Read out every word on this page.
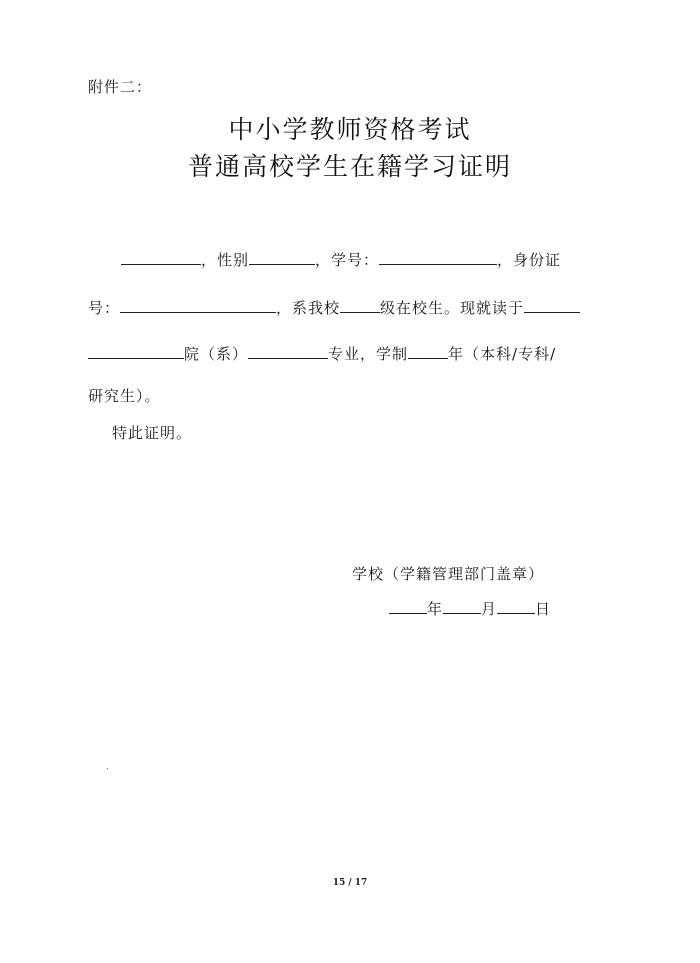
附件二：
中小学教师资格考试
普通高校学生在籍学习证明
，性别	，学号：	，身份证
号：	，系我校	级在校生。现就读于
院（系）	专业，学制	年（本科/专科/
研究生）。
特此证明。
学校（学籍管理部门盖章）
年	月	日
15 / 17
